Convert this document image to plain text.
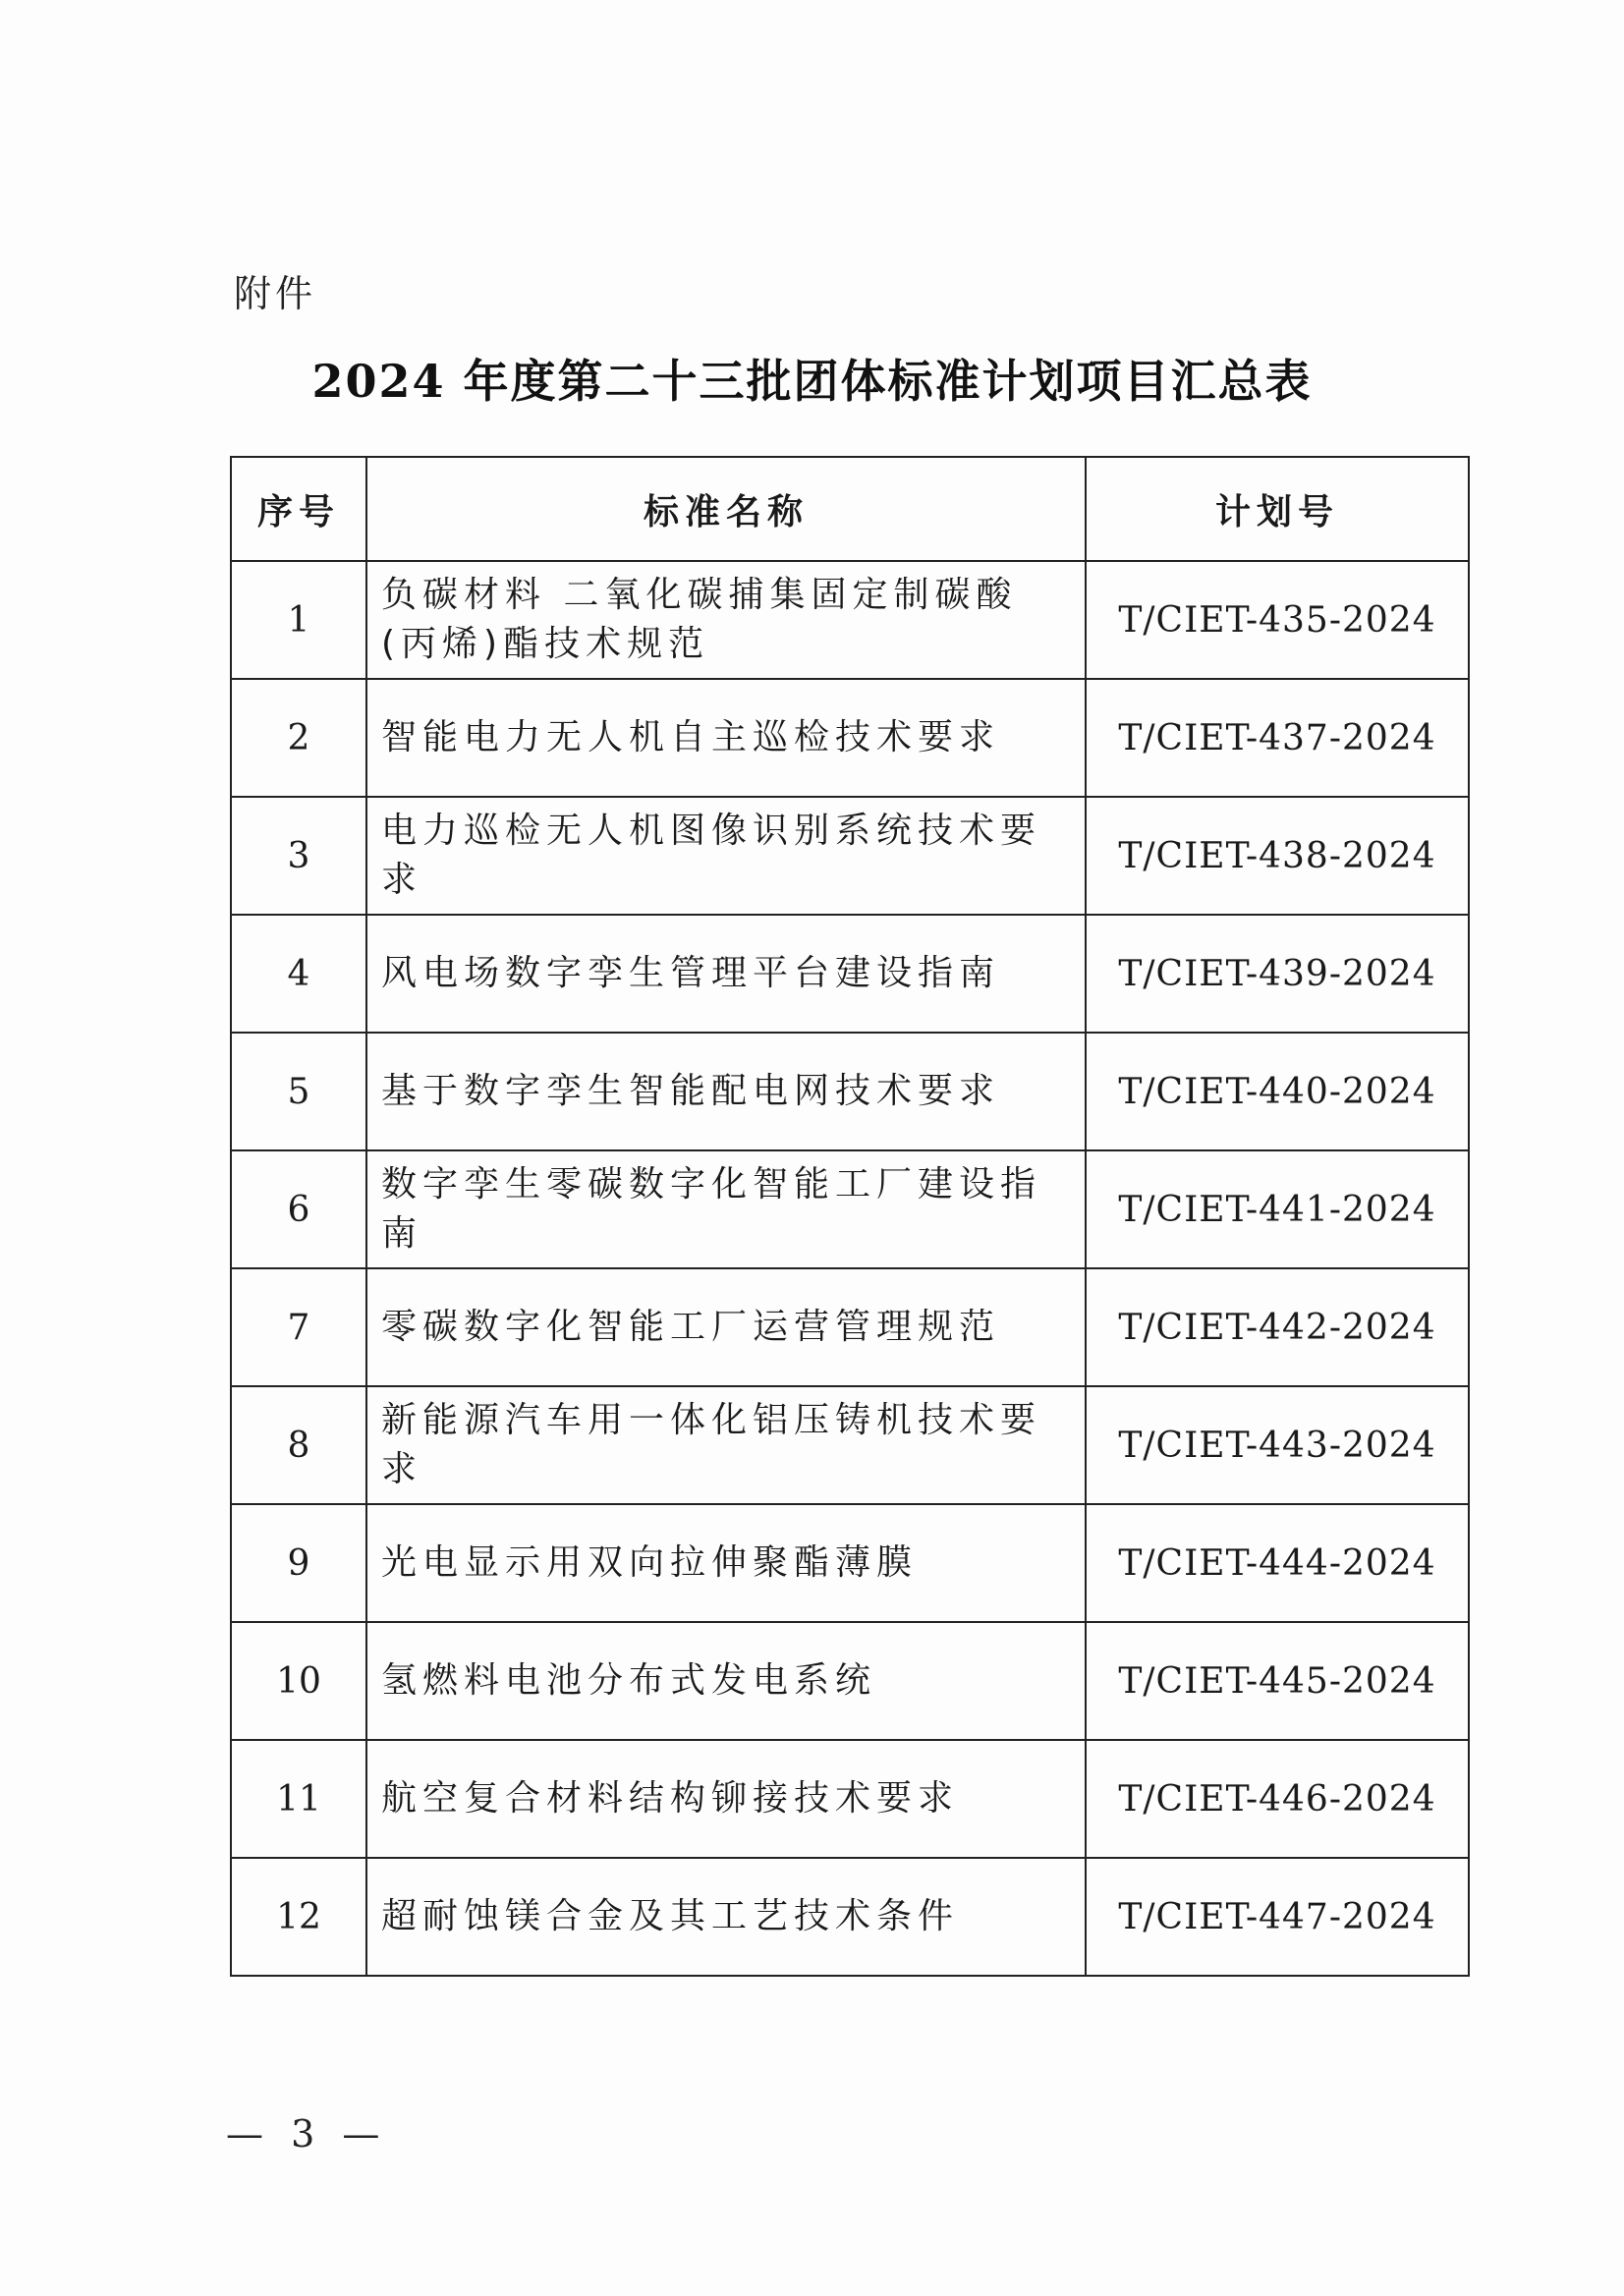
附件
2024 年度第二十三批团体标准计划项目汇总表
序号	标准名称	计划号
1	负碳材料 二氧化碳捕集固定制碳酸(丙烯)酯技术规范	T/CIET-435-2024
2	智能电力无人机自主巡检技术要求	T/CIET-437-2024
3	电力巡检无人机图像识别系统技术要求	T/CIET-438-2024
4	风电场数字孪生管理平台建设指南	T/CIET-439-2024
5	基于数字孪生智能配电网技术要求	T/CIET-440-2024
6	数字孪生零碳数字化智能工厂建设指南	T/CIET-441-2024
7	零碳数字化智能工厂运营管理规范	T/CIET-442-2024
8	新能源汽车用一体化铝压铸机技术要求	T/CIET-443-2024
9	光电显示用双向拉伸聚酯薄膜	T/CIET-444-2024
10	氢燃料电池分布式发电系统	T/CIET-445-2024
11	航空复合材料结构铆接技术要求	T/CIET-446-2024
12	超耐蚀镁合金及其工艺技术条件	T/CIET-447-2024
— 3 —
